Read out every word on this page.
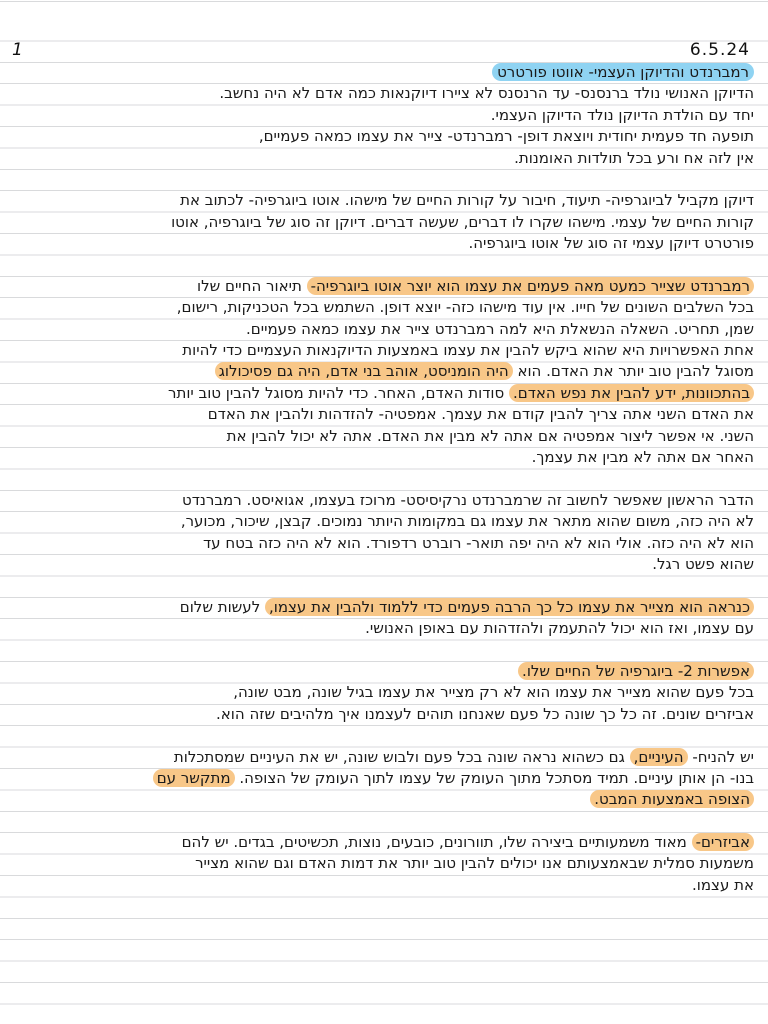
1	6.5.24
רמברנדט והדיוקן העצמי- אווטו פורטרט
הדיוקן האנושי נולד ברנסנס- עד הרנסנס לא ציירו דיוקנאות כמה אדם לא היה נחשב.
יחד עם הולדת הדיוקן נולד הדיוקן העצמי.
תופעה חד פעמית יחודית ויוצאת דופן- רמברנדט- צייר את עצמו כמאה פעמיים,
אין לזה אח ורע בכל תולדות האומנות.
דיוקן מקביל לביוגרפיה- תיעוד, חיבור על קורות החיים של מישהו. אוטו ביוגרפיה- לכתוב את
קורות החיים של עצמי. מישהו שקרו לו דברים, שעשה דברים. דיוקן זה סוג של ביוגרפיה, אוטו
פורטרט דיוקן עצמי זה סוג של אוטו ביוגרפיה.
רמברנדט שצייר כמעט מאה פעמים את עצמו הוא יוצר אוטו ביוגרפיה- תיאור החיים שלו
בכל השלבים השונים של חייו. אין עוד מישהו כזה- יוצא דופן. השתמש בכל הטכניקות, רישום,
שמן, תחריט. השאלה הנשאלת היא למה רמברנדט צייר את עצמו כמאה פעמיים.
אחת האפשרויות היא שהוא ביקש להבין את עצמו באמצעות הדיוקנאות העצמיים כדי להיות
מסוגל להבין טוב יותר את האדם. הוא היה הומניסט, אוהב בני אדם, היה גם פסיכולוג
בהתכוונות, ידע להבין את נפש האדם. סודות האדם, האחר. כדי להיות מסוגל להבין טוב יותר
את האדם השני אתה צריך להבין קודם את עצמך. אמפטיה- להזדהות ולהבין את האדם
השני. אי אפשר ליצור אמפטיה אם אתה לא מבין את האדם. אתה לא יכול להבין את
האחר אם אתה לא מבין את עצמך.
הדבר הראשון שאפשר לחשוב זה שרמברנדט נרקיסיסט- מרוכז בעצמו, אגואיסט. רמברנדט
לא היה כזה, משום שהוא מתאר את עצמו גם במקומות היותר נמוכים. קבצן, שיכור, מכוער,
הוא לא היה כזה. אולי הוא לא היה יפה תואר- רוברט רדפורד. הוא לא היה כזה בטח עד
שהוא פשט רגל.
כנראה הוא מצייר את עצמו כל כך הרבה פעמים כדי ללמוד ולהבין את עצמו, לעשות שלום
עם עצמו, ואז הוא יכול להתעמק ולהזדהות עם באופן האנושי.
אפשרות 2- ביוגרפיה של החיים שלו.
בכל פעם שהוא מצייר את עצמו הוא לא רק מצייר את עצמו בגיל שונה, מבט שונה,
אביזרים שונים. זה כל כך שונה כל פעם שאנחנו תוהים לעצמנו איך מלהיבים שזה הוא.
יש להניח- העיניים, גם כשהוא נראה שונה בכל פעם ולבוש שונה, יש את העיניים שמסתכלות
בנו- הן אותן עיניים. תמיד מסתכל מתוך העומק של עצמו לתוך העומק של הצופה. מתקשר עם
הצופה באמצעות המבט.
אביזרים- מאוד משמעותיים ביצירה שלו, תוורונים, כובעים, נוצות, תכשיטים, בגדים. יש להם
משמעות סמלית שבאמצעותם אנו יכולים להבין טוב יותר את דמות האדם וגם שהוא מצייר
את עצמו.
